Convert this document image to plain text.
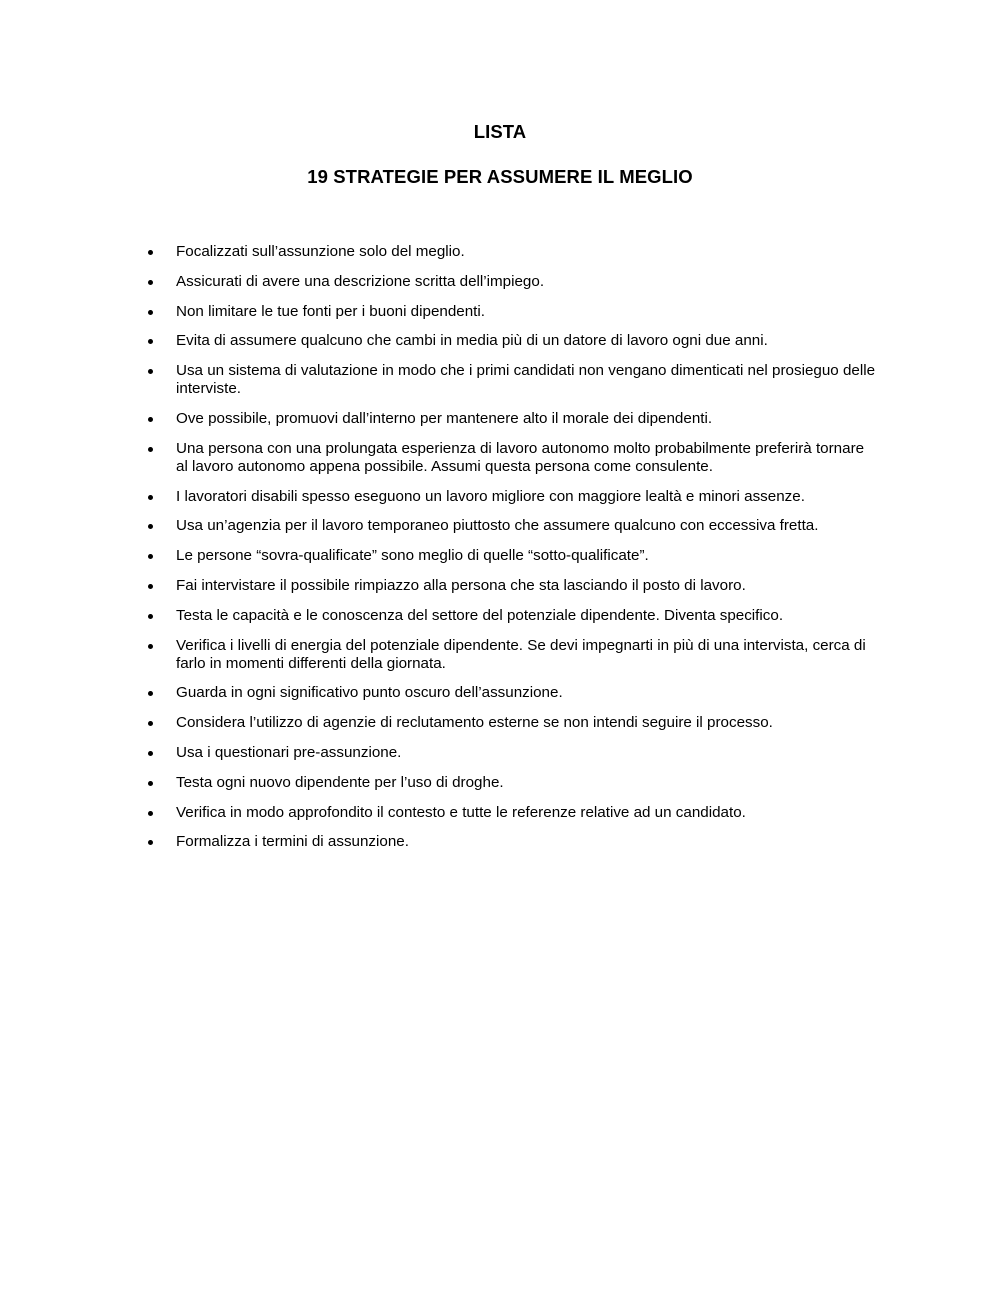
LISTA
19 STRATEGIE PER ASSUMERE IL MEGLIO
Focalizzati sull’assunzione solo del meglio.
Assicurati di avere una descrizione scritta dell’impiego.
Non limitare le tue fonti per i buoni dipendenti.
Evita di assumere qualcuno che cambi in media più di un datore di lavoro ogni due anni.
Usa un sistema di valutazione in modo che i primi candidati non vengano dimenticati nel prosieguo delle interviste.
Ove possibile, promuovi dall’interno per mantenere alto il morale dei dipendenti.
Una persona con una prolungata esperienza di lavoro autonomo molto probabilmente preferirà tornare al lavoro autonomo appena possibile. Assumi questa persona come consulente.
I lavoratori disabili spesso eseguono un lavoro migliore con maggiore lealtà e minori assenze.
Usa un’agenzia per il lavoro temporaneo piuttosto che assumere qualcuno con eccessiva fretta.
Le persone “sovra-qualificate” sono meglio di quelle “sotto-qualificate”.
Fai intervistare il possibile rimpiazzo alla persona che sta lasciando il posto di lavoro.
Testa le capacità e le conoscenza del settore del potenziale dipendente. Diventa specifico.
Verifica i livelli di energia del potenziale dipendente. Se devi impegnarti in più di una intervista, cerca di farlo in momenti differenti della giornata.
Guarda in ogni significativo punto oscuro dell’assunzione.
Considera l’utilizzo di agenzie di reclutamento esterne se non intendi seguire il processo.
Usa i questionari pre-assunzione.
Testa ogni nuovo dipendente per l’uso di droghe.
Verifica in modo approfondito il contesto e tutte le referenze relative ad un candidato.
Formalizza i termini di assunzione.
